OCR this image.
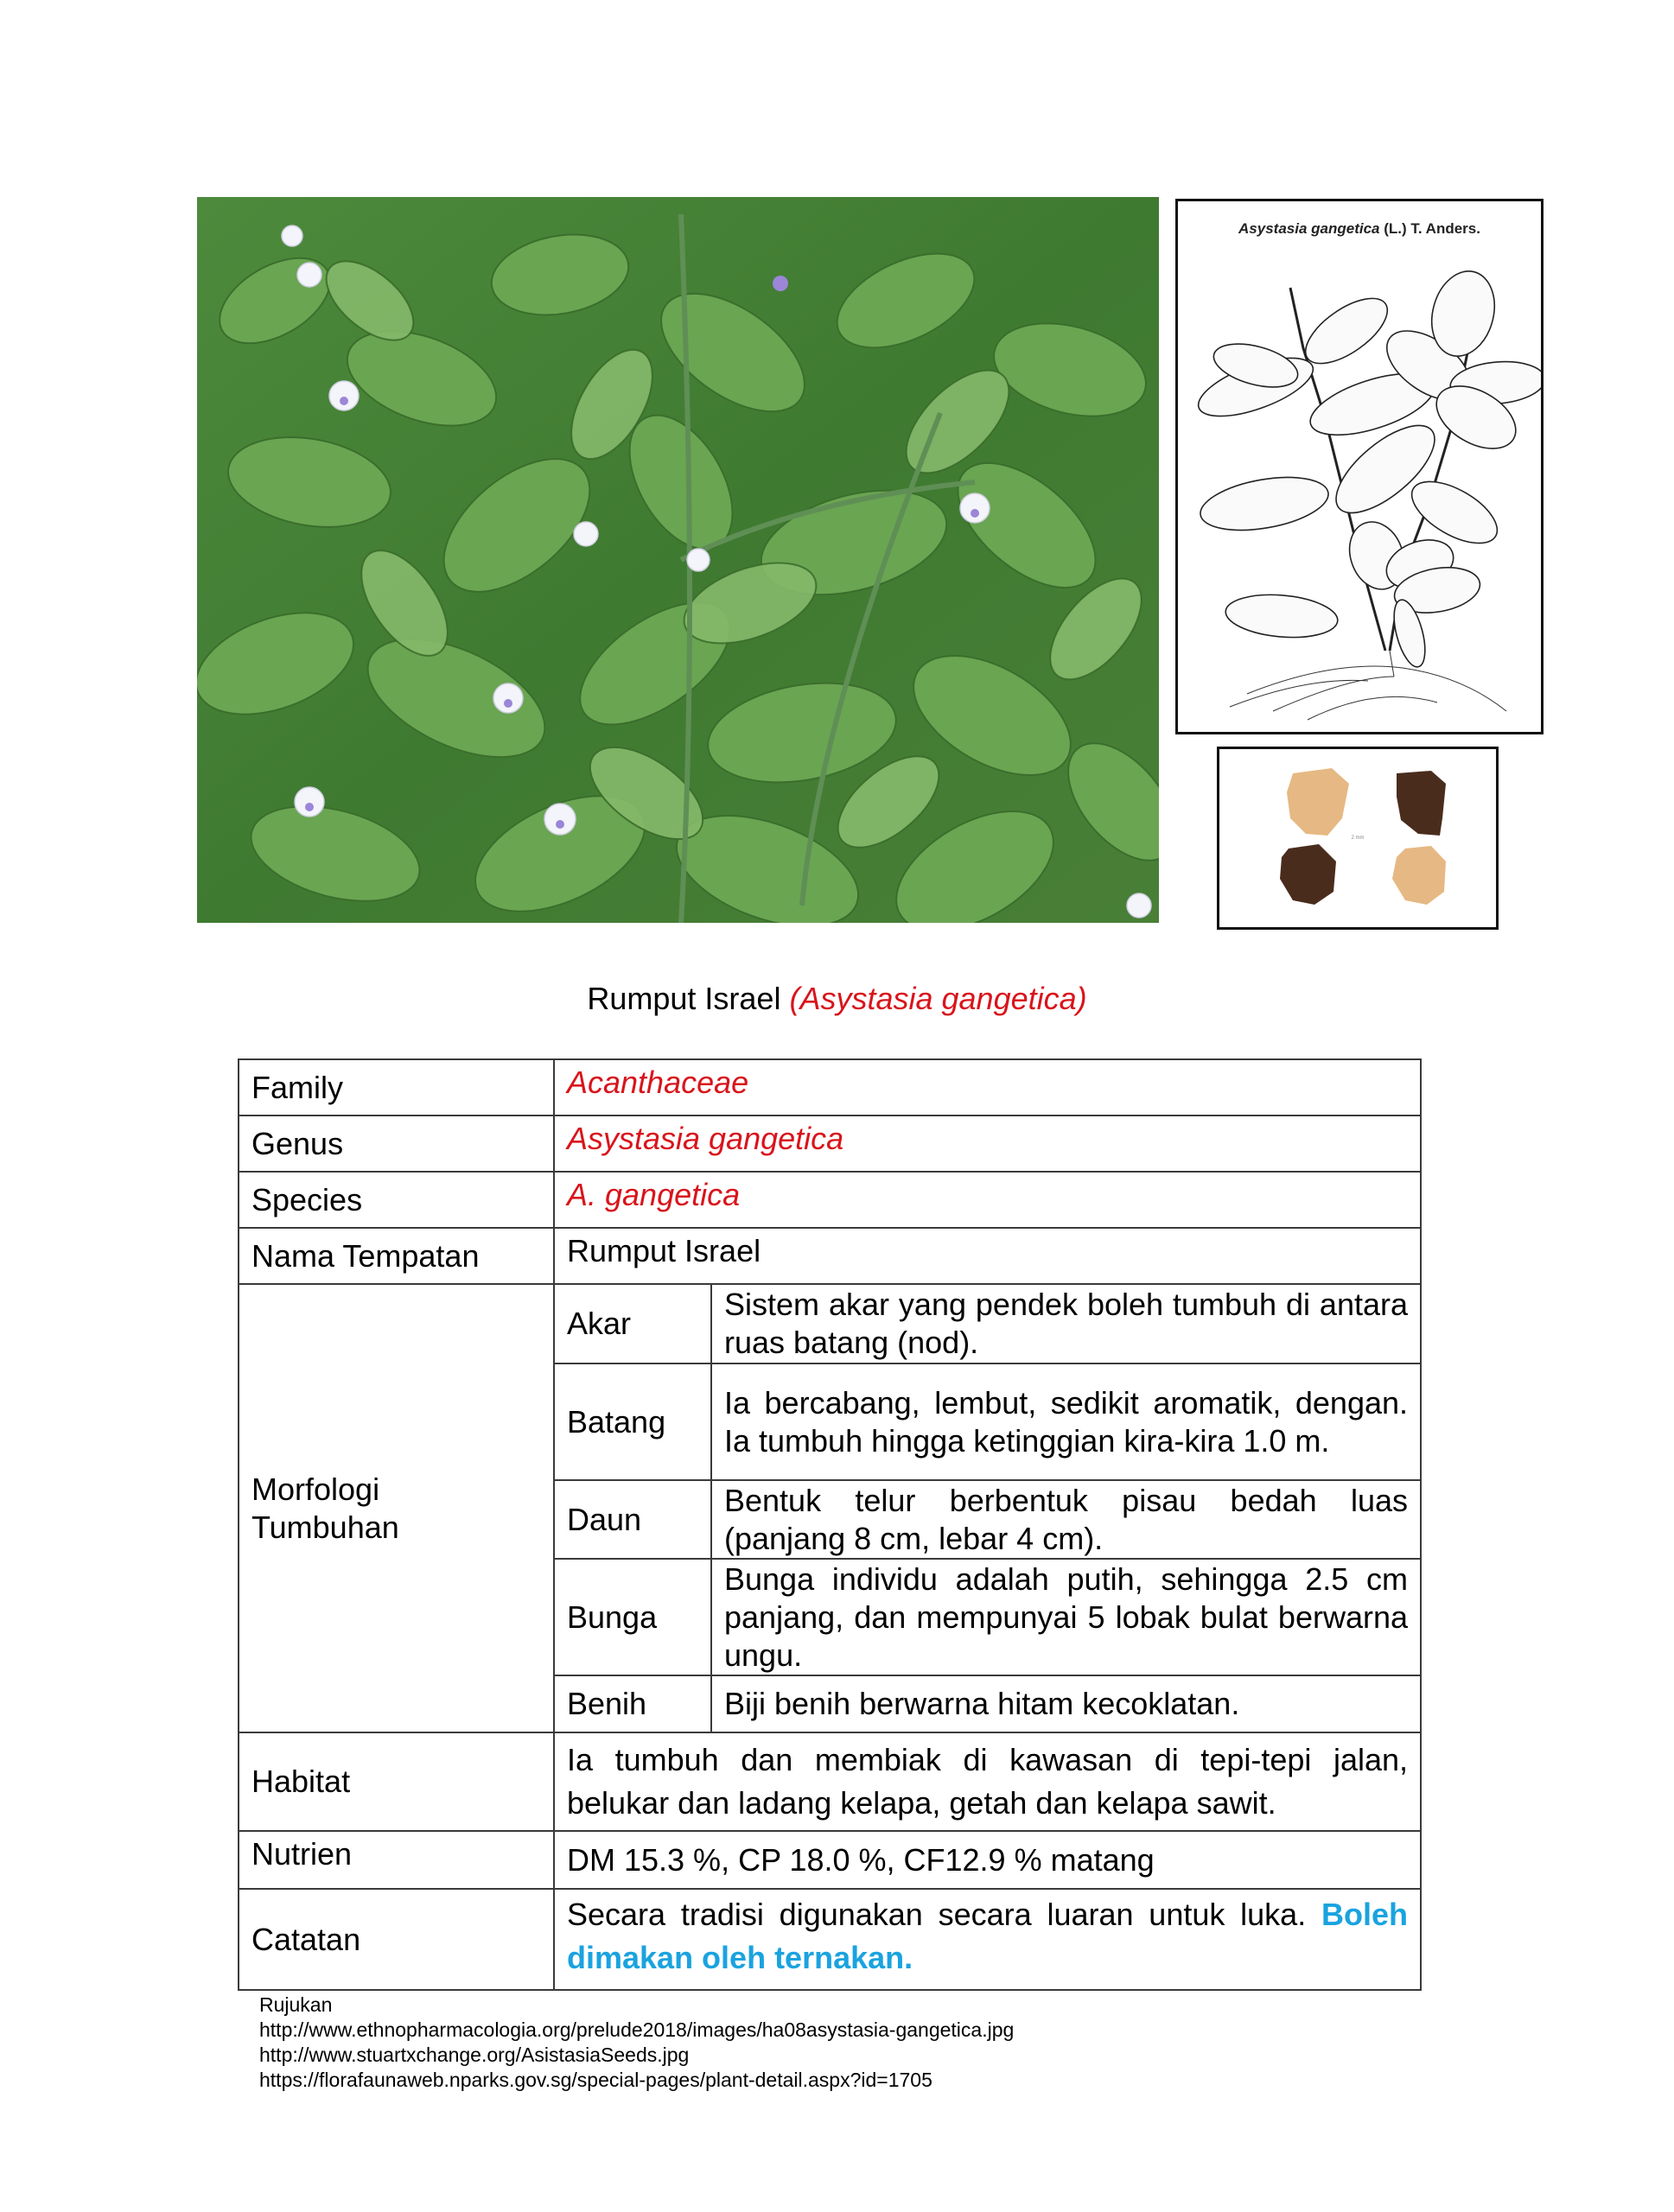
Asystasia gangetica (L.) T. Anders.
2 mm
Rumput Israel (Asystasia gangetica)
Family	Acanthaceae	
Genus	Asystasia gangetica	
Species	A. gangetica	
Nama Tempatan	Rumput Israel	
Morfologi
Tumbuhan	Akar	Sistem akar yang pendek boleh tumbuh di antara ruas batang (nod).
	Batang	Ia bercabang, lembut, sedikit aromatik, dengan. Ia tumbuh hingga ketinggian kira-kira 1.0 m.
	Daun	Bentuk telur berbentuk pisau bedah luas (panjang 8 cm, lebar 4 cm).
	Bunga	Bunga individu adalah putih, sehingga 2.5 cm panjang, dan mempunyai 5 lobak bulat berwarna ungu.
	Benih	Biji benih berwarna hitam kecoklatan.
Habitat	Ia tumbuh dan membiak di kawasan di tepi-tepi jalan, belukar dan ladang kelapa, getah dan kelapa sawit.	
Nutrien	DM 15.3 %, CP 18.0 %, CF12.9 % matang	
Catatan	Secara tradisi digunakan secara luaran untuk luka. Boleh dimakan oleh ternakan.	
Rujukan
http://www.ethnopharmacologia.org/prelude2018/images/ha08asystasia-gangetica.jpg
http://www.stuartxchange.org/AsistasiaSeeds.jpg
https://florafaunaweb.nparks.gov.sg/special-pages/plant-detail.aspx?id=1705
